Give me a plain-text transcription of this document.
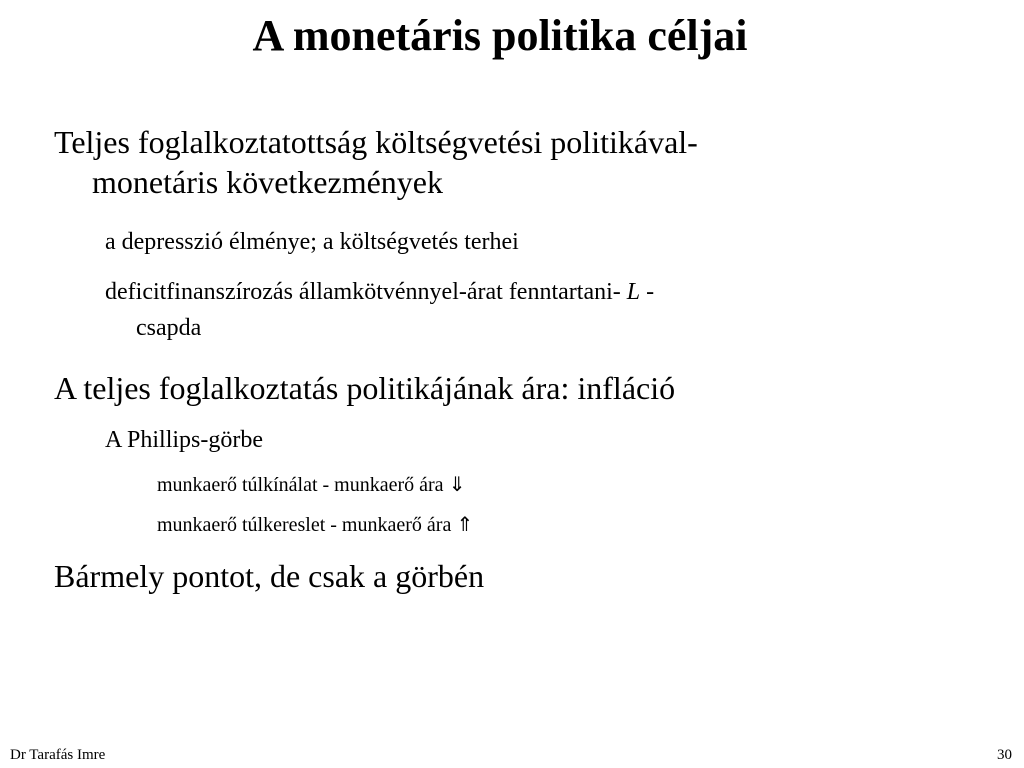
A monetáris politika céljai

Teljes foglalkoztatottság költségvetési politikával-
monetáris következmények

a depresszió élménye; a költségvetés terhei

deficitfinanszírozás államkötvénnyel-árat fenntartani- L -
csapda

A teljes foglalkoztatás politikájának ára: infláció

A Phillips-görbe

munkaerő túlkínálat - munkaerő ára ⇓

munkaerő túlkereslet - munkaerő ára ⇑

Bármely pontot, de csak a görbén

Dr Tarafás Imre	30
